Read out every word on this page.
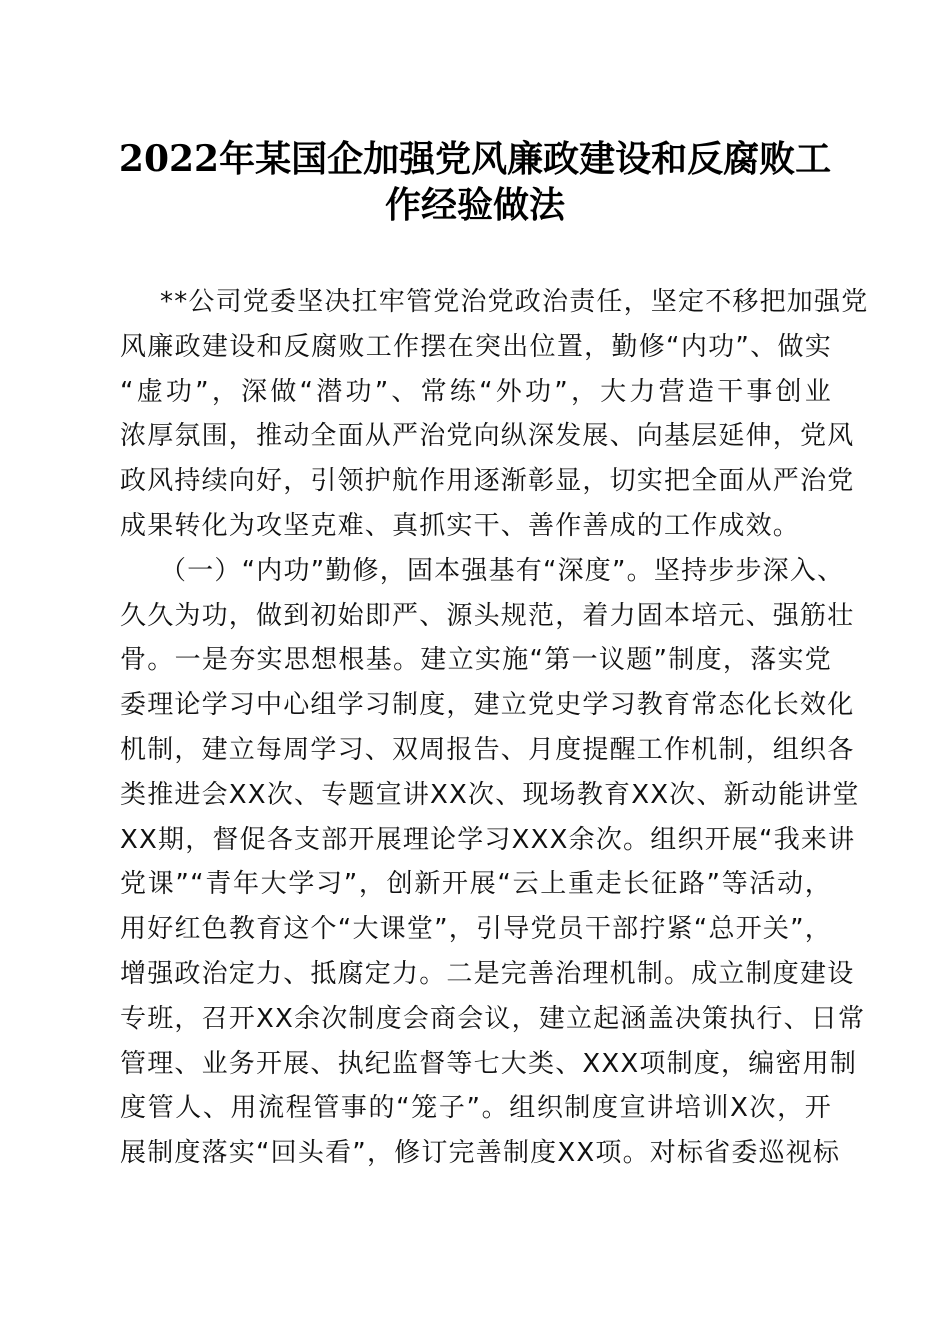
2022年某国企加强党风廉政建设和反腐败工
作经验做法
**公司党委坚决扛牢管党治党政治责任，坚定不移把加强党
风廉政建设和反腐败工作摆在突出位置，勤修“内功”、做实
“虚功”，深做“潜功”、常练“外功”，大力营造干事创业
浓厚氛围，推动全面从严治党向纵深发展、向基层延伸，党风
政风持续向好，引领护航作用逐渐彰显，切实把全面从严治党
成果转化为攻坚克难、真抓实干、善作善成的工作成效。
（一）“内功”勤修，固本强基有“深度”。坚持步步深入、
久久为功，做到初始即严、源头规范，着力固本培元、强筋壮
骨。一是夯实思想根基。建立实施“第一议题”制度，落实党
委理论学习中心组学习制度，建立党史学习教育常态化长效化
机制，建立每周学习、双周报告、月度提醒工作机制，组织各
类推进会XX次、专题宣讲XX次、现场教育XX次、新动能讲堂
XX期，督促各支部开展理论学习XXX余次。组织开展“我来讲
党课”“青年大学习”，创新开展“云上重走长征路”等活动，
用好红色教育这个“大课堂”，引导党员干部拧紧“总开关”，
增强政治定力、抵腐定力。二是完善治理机制。成立制度建设
专班，召开XX余次制度会商会议，建立起涵盖决策执行、日常
管理、业务开展、执纪监督等七大类、XXX项制度，编密用制
度管人、用流程管事的“笼子”。组织制度宣讲培训X次，开
展制度落实“回头看”，修订完善制度XX项。对标省委巡视标
